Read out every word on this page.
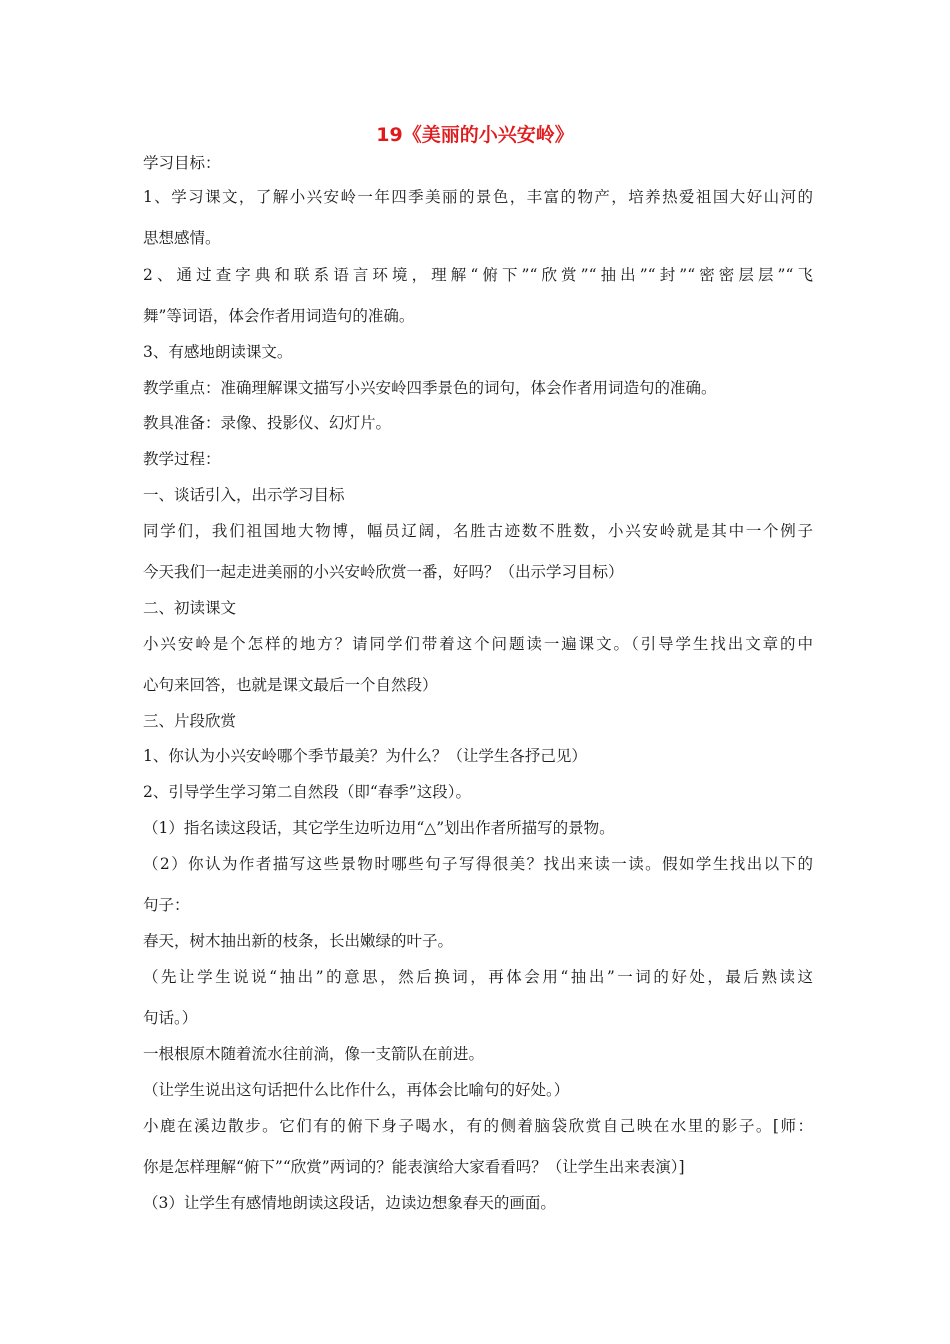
19《美丽的小兴安岭》
学习目标：
1、学习课文，了解小兴安岭一年四季美丽的景色，丰富的物产，培养热爱祖国大好山河的
思想感情。
2、通过查字典和联系语言环境，理解“俯下”“欣赏”“抽出”“封”“密密层层”“飞
舞”等词语，体会作者用词造句的准确。
3、有感地朗读课文。
教学重点：准确理解课文描写小兴安岭四季景色的词句，体会作者用词造句的准确。
教具准备：录像、投影仪、幻灯片。
教学过程：
一、谈话引入，出示学习目标
同学们，我们祖国地大物博，幅员辽阔，名胜古迹数不胜数，小兴安岭就是其中一个例子
今天我们一起走进美丽的小兴安岭欣赏一番，好吗？（出示学习目标）
二、初读课文
小兴安岭是个怎样的地方？请同学们带着这个问题读一遍课文。（引导学生找出文章的中
心句来回答，也就是课文最后一个自然段）
三、片段欣赏
1、你认为小兴安岭哪个季节最美？为什么？（让学生各抒己见）
2、引导学生学习第二自然段（即“春季”这段）。
（1）指名读这段话，其它学生边听边用“△”划出作者所描写的景物。
（2）你认为作者描写这些景物时哪些句子写得很美？找出来读一读。假如学生找出以下的
句子：
春天，树木抽出新的枝条，长出嫩绿的叶子。
（先让学生说说“抽出”的意思，然后换词，再体会用“抽出”一词的好处，最后熟读这
句话。）
一根根原木随着流水往前淌，像一支箭队在前进。
（让学生说出这句话把什么比作什么，再体会比喻句的好处。）
小鹿在溪边散步。它们有的俯下身子喝水，有的侧着脑袋欣赏自己映在水里的影子。[师：
你是怎样理解“俯下”“欣赏”两词的？能表演给大家看看吗？（让学生出来表演）]
（3）让学生有感情地朗读这段话，边读边想象春天的画面。
